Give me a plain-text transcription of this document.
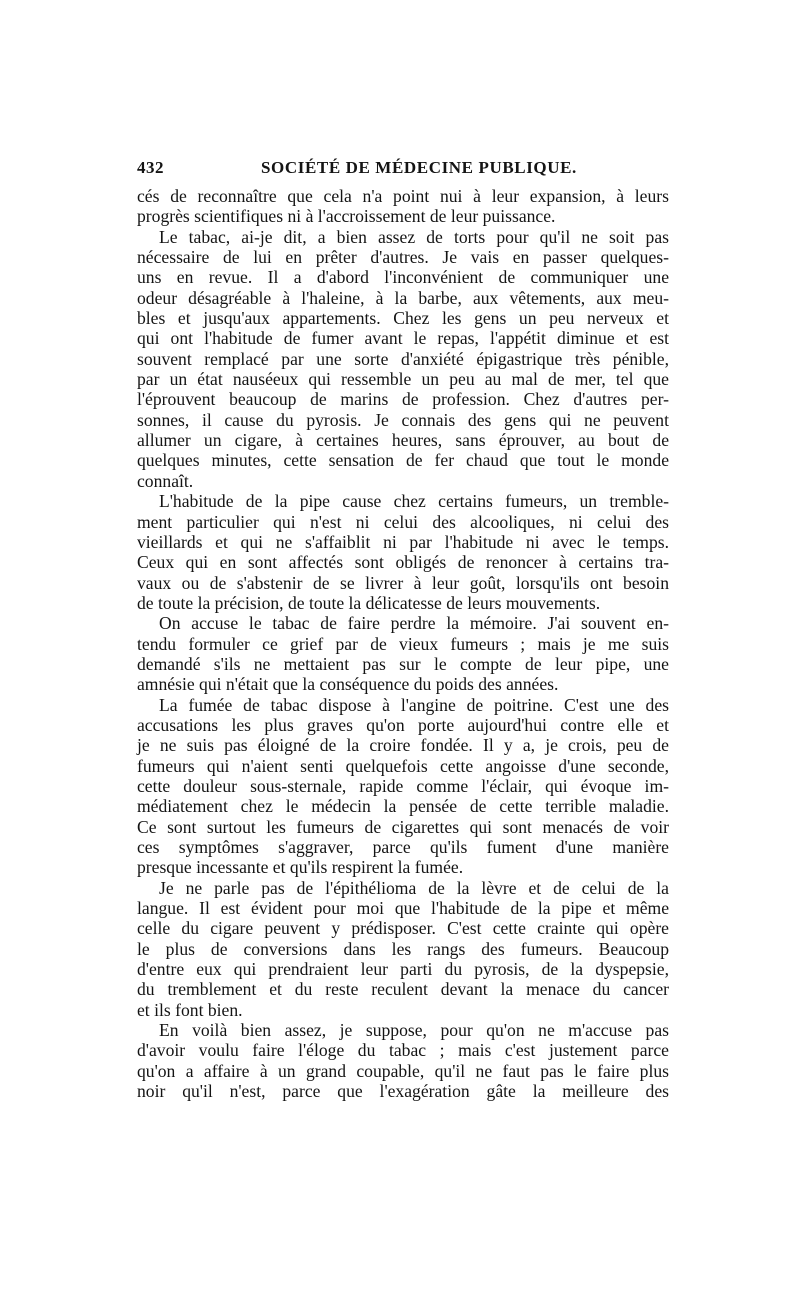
432	SOCIÉTÉ DE MÉDECINE PUBLIQUE.
cés de reconnaître que cela n'a point nui à leur expansion, à leurs
progrès scientifiques ni à l'accroissement de leur puissance.
Le tabac, ai-je dit, a bien assez de torts pour qu'il ne soit pas
nécessaire de lui en prêter d'autres. Je vais en passer quelques-
uns en revue. Il a d'abord l'inconvénient de communiquer une
odeur désagréable à l'haleine, à la barbe, aux vêtements, aux meu-
bles et jusqu'aux appartements. Chez les gens un peu nerveux et
qui ont l'habitude de fumer avant le repas, l'appétit diminue et est
souvent remplacé par une sorte d'anxiété épigastrique très pénible,
par un état nauséeux qui ressemble un peu au mal de mer, tel que
l'éprouvent beaucoup de marins de profession. Chez d'autres per-
sonnes, il cause du pyrosis. Je connais des gens qui ne peuvent
allumer un cigare, à certaines heures, sans éprouver, au bout de
quelques minutes, cette sensation de fer chaud que tout le monde
connaît.
L'habitude de la pipe cause chez certains fumeurs, un tremble-
ment particulier qui n'est ni celui des alcooliques, ni celui des
vieillards et qui ne s'affaiblit ni par l'habitude ni avec le temps.
Ceux qui en sont affectés sont obligés de renoncer à certains tra-
vaux ou de s'abstenir de se livrer à leur goût, lorsqu'ils ont besoin
de toute la précision, de toute la délicatesse de leurs mouvements.
On accuse le tabac de faire perdre la mémoire. J'ai souvent en-
tendu formuler ce grief par de vieux fumeurs ; mais je me suis
demandé s'ils ne mettaient pas sur le compte de leur pipe, une
amnésie qui n'était que la conséquence du poids des années.
La fumée de tabac dispose à l'angine de poitrine. C'est une des
accusations les plus graves qu'on porte aujourd'hui contre elle et
je ne suis pas éloigné de la croire fondée. Il y a, je crois, peu de
fumeurs qui n'aient senti quelquefois cette angoisse d'une seconde,
cette douleur sous-sternale, rapide comme l'éclair, qui évoque im-
médiatement chez le médecin la pensée de cette terrible maladie.
Ce sont surtout les fumeurs de cigarettes qui sont menacés de voir
ces symptômes s'aggraver, parce qu'ils fument d'une manière
presque incessante et qu'ils respirent la fumée.
Je ne parle pas de l'épithélioma de la lèvre et de celui de la
langue. Il est évident pour moi que l'habitude de la pipe et même
celle du cigare peuvent y prédisposer. C'est cette crainte qui opère
le plus de conversions dans les rangs des fumeurs. Beaucoup
d'entre eux qui prendraient leur parti du pyrosis, de la dyspepsie,
du tremblement et du reste reculent devant la menace du cancer
et ils font bien.
En voilà bien assez, je suppose, pour qu'on ne m'accuse pas
d'avoir voulu faire l'éloge du tabac ; mais c'est justement parce
qu'on a affaire à un grand coupable, qu'il ne faut pas le faire plus
noir qu'il n'est, parce que l'exagération gâte la meilleure des
